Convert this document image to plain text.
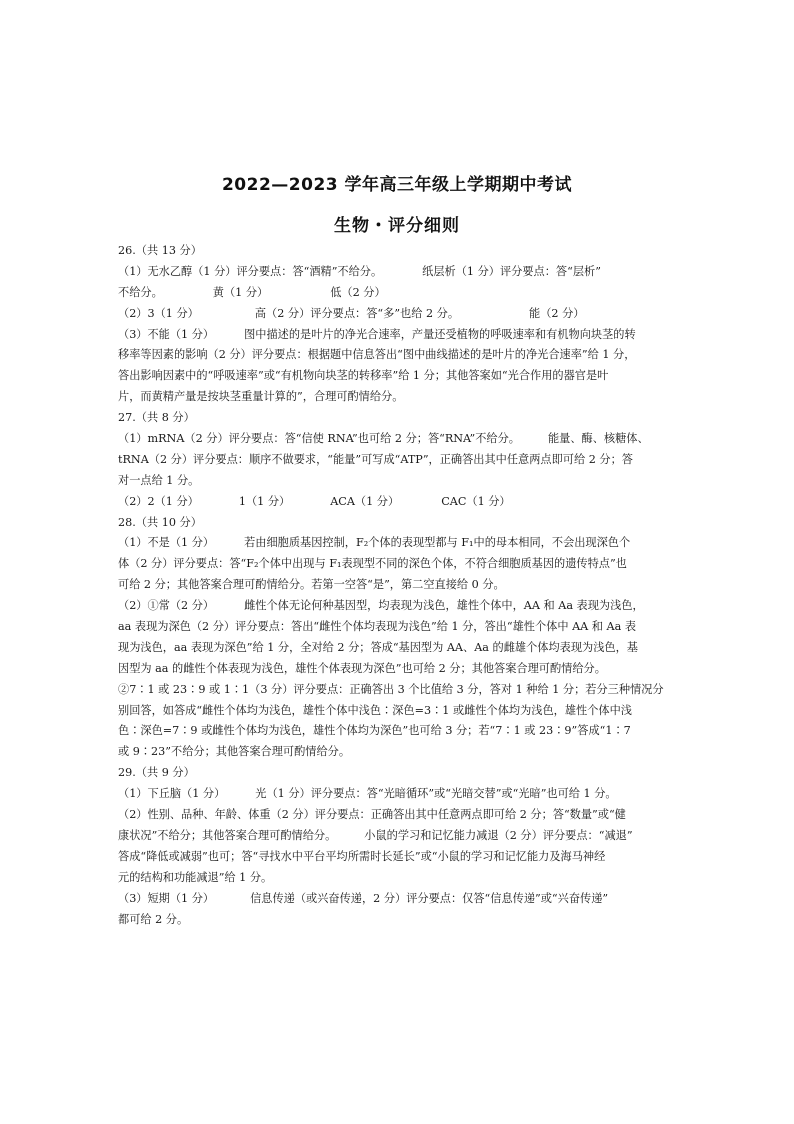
2022—2023 学年高三年级上学期期中考试
生物・评分细则
26.（共 13 分）
（1）无水乙醇（1 分）评分要点：答“酒精”不给分。	纸层析（1 分）评分要点：答“层析”
不给分。	黄（1 分）	低（2 分）
（2）3（1 分）	高（2 分）评分要点：答“多”也给 2 分。	能（2 分）
（3）不能（1 分）	图中描述的是叶片的净光合速率，产量还受植物的呼吸速率和有机物向块茎的转
移率等因素的影响（2 分）评分要点：根据题中信息答出“图中曲线描述的是叶片的净光合速率”给 1 分，
答出影响因素中的“呼吸速率”或“有机物向块茎的转移率”给 1 分；其他答案如“光合作用的器官是叶
片，而黄精产量是按块茎重量计算的”，合理可酌情给分。
27.（共 8 分）
（1）mRNA（2 分）评分要点：答“信使 RNA”也可给 2 分；答“RNA”不给分。	能量、酶、核糖体、
tRNA（2 分）评分要点：顺序不做要求，“能量”可写成“ATP”，正确答出其中任意两点即可给 2 分；答
对一点给 1 分。
（2）2（1 分）	1（1 分）	ACA（1 分）	CAC（1 分）
28.（共 10 分）
（1）不是（1 分）	若由细胞质基因控制，F₂个体的表现型都与 F₁中的母本相同，不会出现深色个
体（2 分）评分要点：答“F₂个体中出现与 F₁表现型不同的深色个体，不符合细胞质基因的遗传特点”也
可给 2 分；其他答案合理可酌情给分。若第一空答“是”，第二空直接给 0 分。
（2）①常（2 分）	雌性个体无论何种基因型，均表现为浅色，雄性个体中，AA 和 Aa 表现为浅色，
aa 表现为深色（2 分）评分要点：答出“雌性个体均表现为浅色”给 1 分，答出“雄性个体中 AA 和 Aa 表
现为浅色，aa 表现为深色”给 1 分，全对给 2 分；答成“基因型为 AA、Aa 的雌雄个体均表现为浅色，基
因型为 aa 的雌性个体表现为浅色，雄性个体表现为深色”也可给 2 分；其他答案合理可酌情给分。
②7∶1 或 23∶9 或 1∶1（3 分）评分要点：正确答出 3 个比值给 3 分，答对 1 种给 1 分；若分三种情况分
别回答，如答成“雌性个体均为浅色，雄性个体中浅色∶深色=3∶1 或雌性个体均为浅色，雄性个体中浅
色∶深色=7∶9 或雌性个体均为浅色，雄性个体均为深色”也可给 3 分；若“7∶1 或 23∶9”答成“1∶7
或 9∶23”不给分；其他答案合理可酌情给分。
29.（共 9 分）
（1）下丘脑（1 分）	光（1 分）评分要点：答“光暗循环”或“光暗交替”或“光暗”也可给 1 分。
（2）性别、品种、年龄、体重（2 分）评分要点：正确答出其中任意两点即可给 2 分；答“数量”或“健
康状况”不给分；其他答案合理可酌情给分。	小鼠的学习和记忆能力减退（2 分）评分要点：“减退”
答成“降低或减弱”也可；答“寻找水中平台平均所需时长延长”或“小鼠的学习和记忆能力及海马神经
元的结构和功能减退”给 1 分。
（3）短期（1 分）	信息传递（或兴奋传递，2 分）评分要点：仅答“信息传递”或“兴奋传递”
都可给 2 分。
